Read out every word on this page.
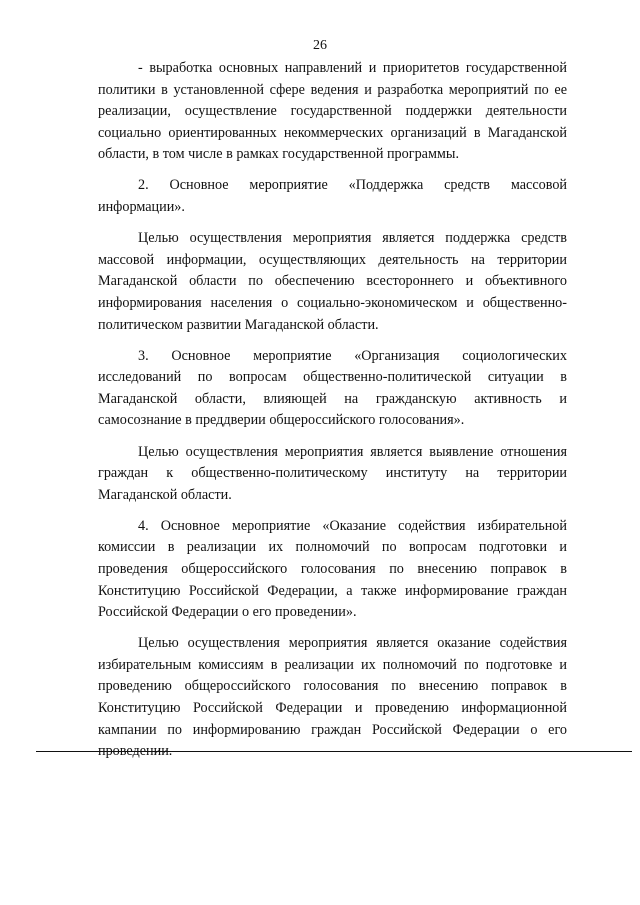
26

- выработка основных направлений и приоритетов государственной политики в установленной сфере ведения и разработка мероприятий по ее реализации, осуществление государственной поддержки деятельности социально ориентированных некоммерческих организаций в Магаданской области, в том числе в рамках государственной программы.

2. Основное мероприятие «Поддержка средств массовой информации».

Целью осуществления мероприятия является поддержка средств массовой информации, осуществляющих деятельность на территории Магаданской области по обеспечению всестороннего и объективного информирования населения о социально-экономическом и общественно-политическом развитии Магаданской области.

3. Основное мероприятие «Организация социологических исследований по вопросам общественно-политической ситуации в Магаданской области, влияющей на гражданскую активность и самосознание в преддверии общероссийского голосования».

Целью осуществления мероприятия является выявление отношения граждан к общественно-политическому институту на территории Магаданской области.

4. Основное мероприятие «Оказание содействия избирательной комиссии в реализации их полномочий по вопросам подготовки и проведения общероссийского голосования по внесению поправок в Конституцию Российской Федерации, а также информирование граждан Российской Федерации о его проведении».

Целью осуществления мероприятия является оказание содействия избирательным комиссиям в реализации их полномочий по подготовке и проведению общероссийского голосования по внесению поправок в Конституцию Российской Федерации и проведению информационной кампании по информированию граждан Российской Федерации о его проведении.
